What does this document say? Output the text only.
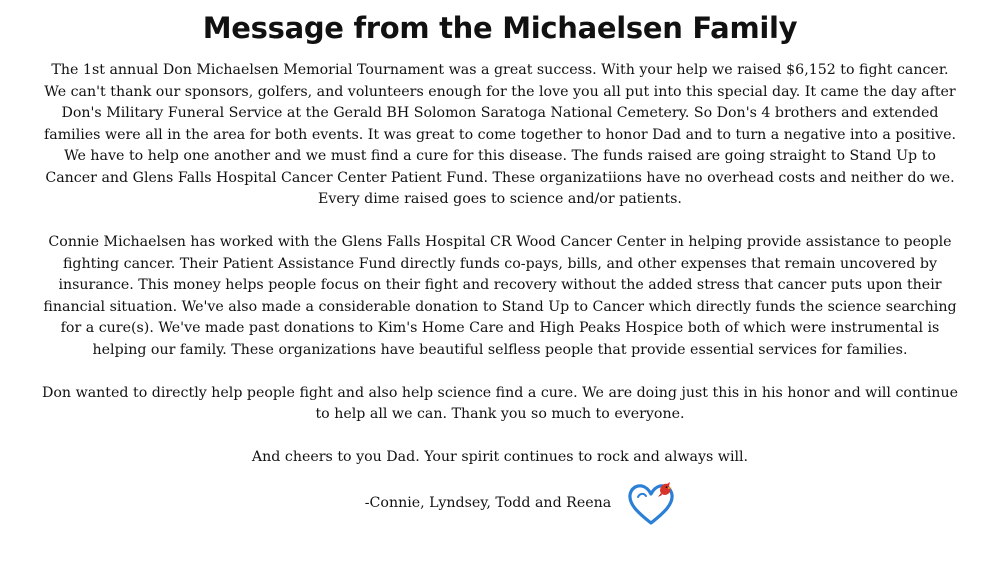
Message from the Michaelsen Family

The 1st annual Don Michaelsen Memorial Tournament was a great success. With your help we raised $6,152 to fight cancer. We can't thank our sponsors, golfers, and volunteers enough for the love you all put into this special day. It came the day after Don's Military Funeral Service at the Gerald BH Solomon Saratoga National Cemetery. So Don's 4 brothers and extended families were all in the area for both events. It was great to come together to honor Dad and to turn a negative into a positive. We have to help one another and we must find a cure for this disease. The funds raised are going straight to Stand Up to Cancer and Glens Falls Hospital Cancer Center Patient Fund. These organizatiions have no overhead costs and neither do we. Every dime raised goes to science and/or patients.

Connie Michaelsen has worked with the Glens Falls Hospital CR Wood Cancer Center in helping provide assistance to people fighting cancer. Their Patient Assistance Fund directly funds co-pays, bills, and other expenses that remain uncovered by insurance. This money helps people focus on their fight and recovery without the added stress that cancer puts upon their financial situation. We've also made a considerable donation to Stand Up to Cancer which directly funds the science searching for a cure(s). We've made past donations to Kim's Home Care and High Peaks Hospice both of which were instrumental is helping our family. These organizations have beautiful selfless people that provide essential services for families.

Don wanted to directly help people fight and also help science find a cure. We are doing just this in his honor and will continue to help all we can. Thank you so much to everyone.

And cheers to you Dad. Your spirit continues to rock and always will.

-Connie, Lyndsey, Todd and Reena
